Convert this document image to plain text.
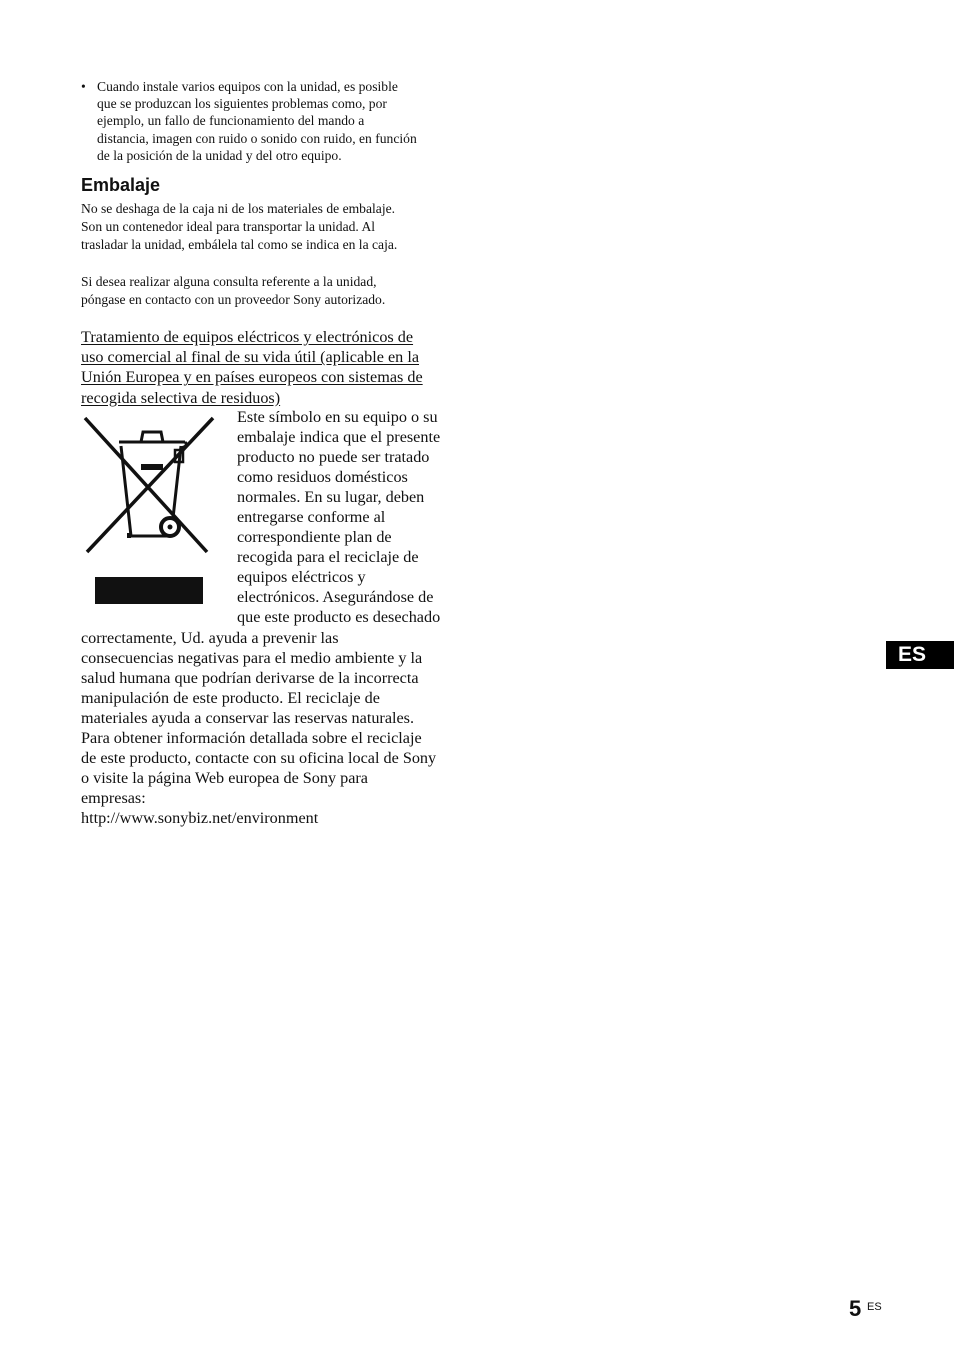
• Cuando instale varios equipos con la unidad, es posible
que se produzcan los siguientes problemas como, por
ejemplo, un fallo de funcionamiento del mando a
distancia, imagen con ruido o sonido con ruido, en función
de la posición de la unidad y del otro equipo.
Embalaje
No se deshaga de la caja ni de los materiales de embalaje.
Son un contenedor ideal para transportar la unidad. Al
trasladar la unidad, embálela tal como se indica en la caja.
Si desea realizar alguna consulta referente a la unidad,
póngase en contacto con un proveedor Sony autorizado.
Tratamiento de equipos eléctricos y electrónicos de
uso comercial al final de su vida útil (aplicable en la
Unión Europea y en países europeos con sistemas de
recogida selectiva de residuos)
Este símbolo en su equipo o su
embalaje indica que el presente
producto no puede ser tratado
como residuos domésticos
normales. En su lugar, deben
entregarse conforme al
correspondiente plan de
recogida para el reciclaje de
equipos eléctricos y
electrónicos. Asegurándose de
que este producto es desechado
correctamente, Ud. ayuda a prevenir las
consecuencias negativas para el medio ambiente y la
salud humana que podrían derivarse de la incorrecta
manipulación de este producto. El reciclaje de
materiales ayuda a conservar las reservas naturales.
Para obtener información detallada sobre el reciclaje
de este producto, contacte con su oficina local de Sony
o visite la página Web europea de Sony para
empresas:
http://www.sonybiz.net/environment
ES
5 ES
